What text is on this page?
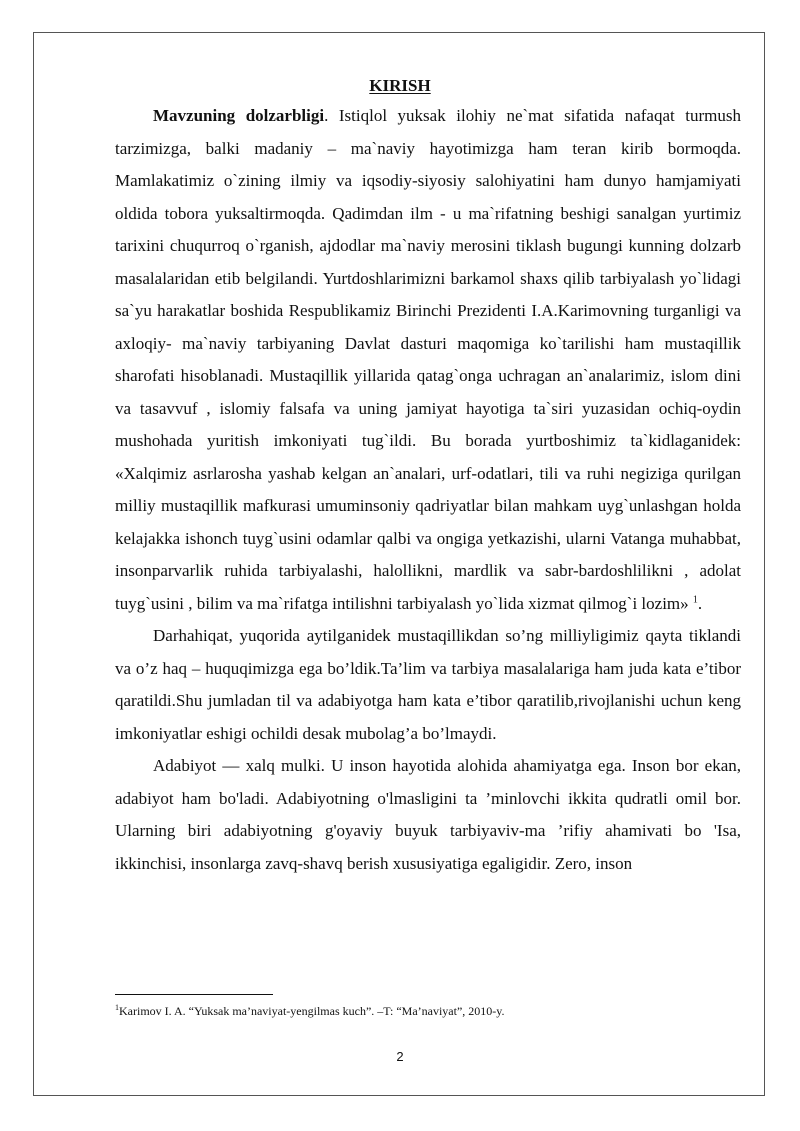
KIRISH

Mavzuning dolzarbligi. Istiqlol yuksak ilohiy ne`mat sifatida nafaqat turmush tarzimizga, balki madaniy – ma`naviy hayotimizga ham teran kirib bormoqda. Mamlakatimiz o`zining ilmiy va iqsodiy-siyosiy salohiyatini ham dunyo hamjamiyati oldida tobora yuksaltirmoqda. Qadimdan ilm - u ma`rifatning beshigi sanalgan yurtimiz tarixini chuqurroq o`rganish, ajdodlar ma`naviy merosini tiklash bugungi kunning dolzarb masalalaridan etib belgilandi. Yurtdoshlarimizni barkamol shaxs qilib tarbiyalash yo`lidagi sa`yu harakatlar boshida Respublikamiz Birinchi Prezidenti I.A.Karimovning turganligi va axloqiy- ma`naviy tarbiyaning Davlat dasturi maqomiga ko`tarilishi ham mustaqillik sharofati hisoblanadi. Mustaqillik yillarida qatag`onga uchragan an`analarimiz, islom dini va tasavvuf , islomiy falsafa va uning jamiyat hayotiga ta`siri yuzasidan ochiq-oydin mushohada yuritish imkoniyati tug`ildi. Bu borada yurtboshimiz ta`kidlaganidek: «Xalqimiz asrlarosha yashab kelgan an`analari, urf-odatlari, tili va ruhi negiziga qurilgan milliy mustaqillik mafkurasi umuminsoniy qadriyatlar bilan mahkam uyg`unlashgan holda kelajakka ishonch tuyg`usini odamlar qalbi va ongiga yetkazishi, ularni Vatanga muhabbat, insonparvarlik ruhida tarbiyalashi, halollikni, mardlik va sabr-bardoshlilikni , adolat tuyg`usini , bilim va ma`rifatga intilishni tarbiyalash yo`lida xizmat qilmog`i lozim» $^1$.

Darhahiqat, yuqorida aytilganidek mustaqillikdan so’ng milliyligimiz qayta tiklandi va o’z haq – huquqimizga ega bo’ldik.Ta’lim va tarbiya masalalariga ham juda kata e’tibor qaratildi.Shu jumladan til va adabiyotga ham kata e’tibor qaratilib,rivojlanishi uchun keng imkoniyatlar eshigi ochildi desak mubolag’a bo’lmaydi.

Adabiyot — xalq mulki. U inson hayotida alohida ahamiyatga ega. Inson bor ekan, adabiyot ham bo'ladi. Adabiyotning o'lmasligini ta ’minlovchi ikkita qudratli omil bor. Ularning biri adabiyotning g'oyaviy buyuk tarbiyaviv-ma ’rifiy ahamivati bo 'Isa, ikkinchisi, insonlarga zavq-shavq berish xususiyatiga egaligidir. Zero, inson

$^1$Karimov I. A. “Yuksak ma’naviyat-yengilmas kuch”. –T: “Ma’naviyat”, 2010-y.
2
